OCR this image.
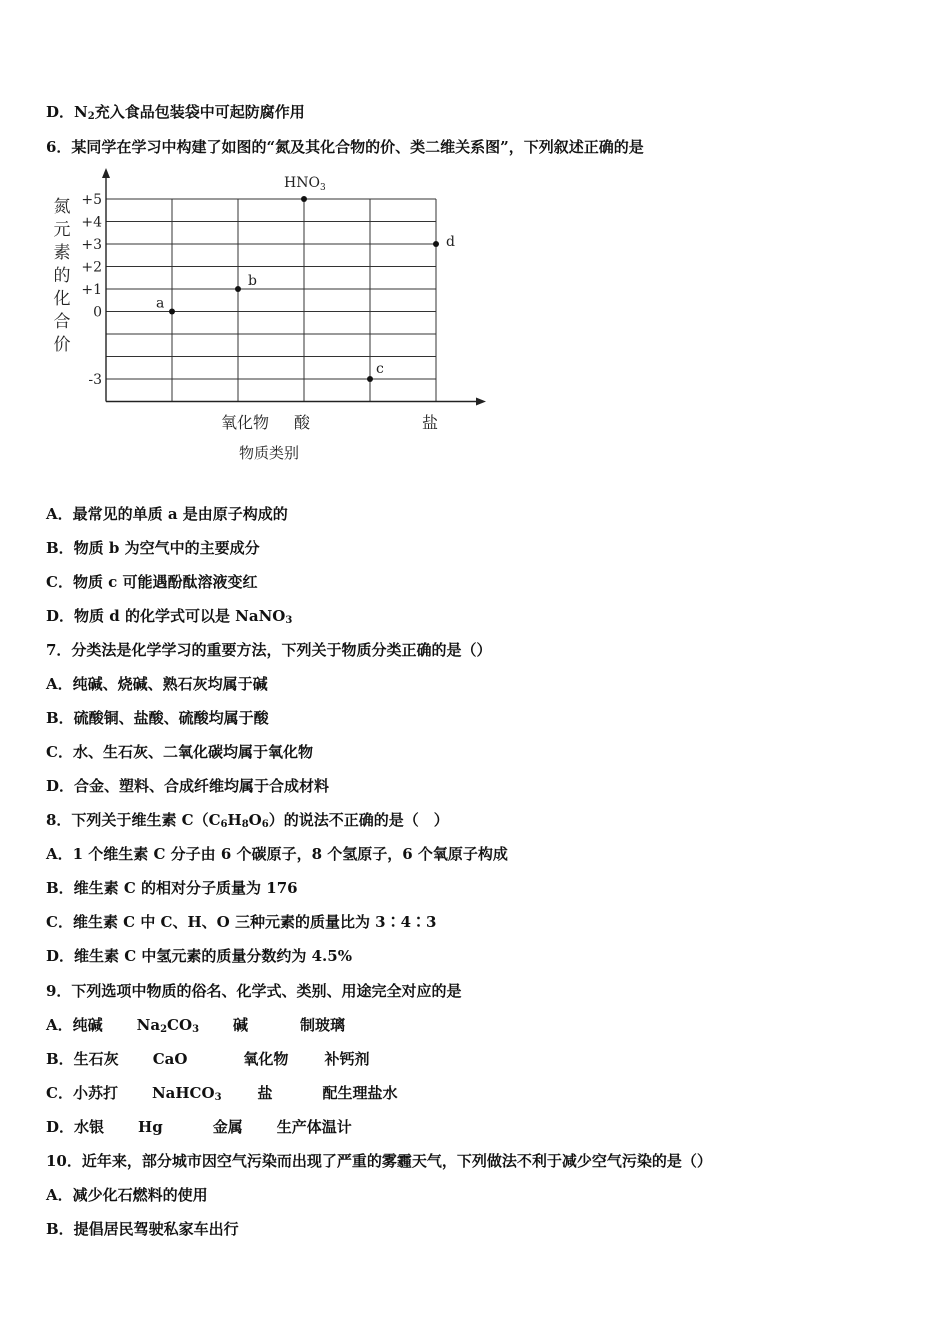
D．$N_2$充入食品包装袋中可起防腐作用
6．某同学在学习中构建了如图的“氮及其化合物的价、类二维关系图”，下列叙述正确的是
+5
+4
+3
+2
+1
0
-3
氧化物 酸	盐
a
b
$HNO_3$
c
d
氮
元
素
的
化
合
价
物质类别
A．最常见的单质 a 是由原子构成的
B．物质 b 为空气中的主要成分
C．物质 c 可能遇酚酞溶液变红
D．物质 d 的化学式可以是 NaNO$_3$
7．分类法是化学学习的重要方法，下列关于物质分类正确的是（）
A．纯碱、烧碱、熟石灰均属于碱
B．硫酸铜、盐酸、硫酸均属于酸
C．水、生石灰、二氧化碳均属于氧化物
D．合金、塑料、合成纤维均属于合成材料
8．下列关于维生素 $C(C_6H_8O_6)$的说法不正确的是（　）
A．1 个维生素 C 分子由 6 个碳原子，8 个氢原子，6 个氧原子构成
B．维生素 C 的相对分子质量为 176
C．维生素 C 中 C、H、O 三种元素的质量比为 3∶4∶3
D．维生素 C 中氢元素的质量分数约为 4.5%
9．下列选项中物质的俗名、化学式、类别、用途完全对应的是
A．纯碱 $Na_2CO_3$ 碱	制玻璃
B．生石灰 CaO	氧化物 补钙剂
C．小苏打 NaHCO$_3$ 盐	配生理盐水
D．水银 Hg	金属 生产体温计
10．近年来，部分城市因空气污染而出现了严重的雾霾天气，下列做法不利于减少空气污染的是（）
A．减少化石燃料的使用
B．提倡居民驾驶私家车出行
